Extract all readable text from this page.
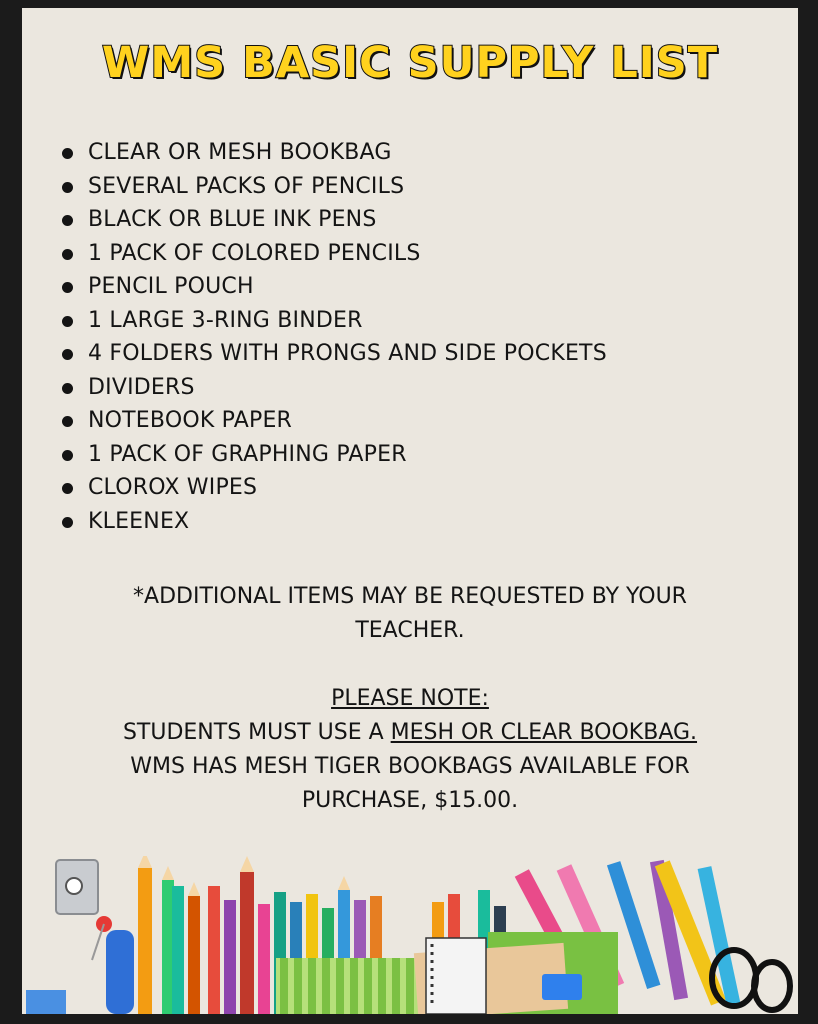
WMS BASIC SUPPLY LIST
CLEAR OR MESH BOOKBAG
SEVERAL PACKS OF PENCILS
BLACK OR BLUE INK PENS
1 PACK OF COLORED PENCILS
PENCIL POUCH
1 LARGE 3-RING BINDER
4 FOLDERS WITH PRONGS AND SIDE POCKETS
DIVIDERS
NOTEBOOK PAPER
1 PACK OF GRAPHING PAPER
CLOROX WIPES
KLEENEX
*ADDITIONAL ITEMS MAY BE REQUESTED BY YOUR TEACHER.
PLEASE NOTE:
STUDENTS MUST USE A MESH OR CLEAR BOOKBAG.
WMS HAS MESH TIGER BOOKBAGS AVAILABLE FOR
PURCHASE, $15.00.
